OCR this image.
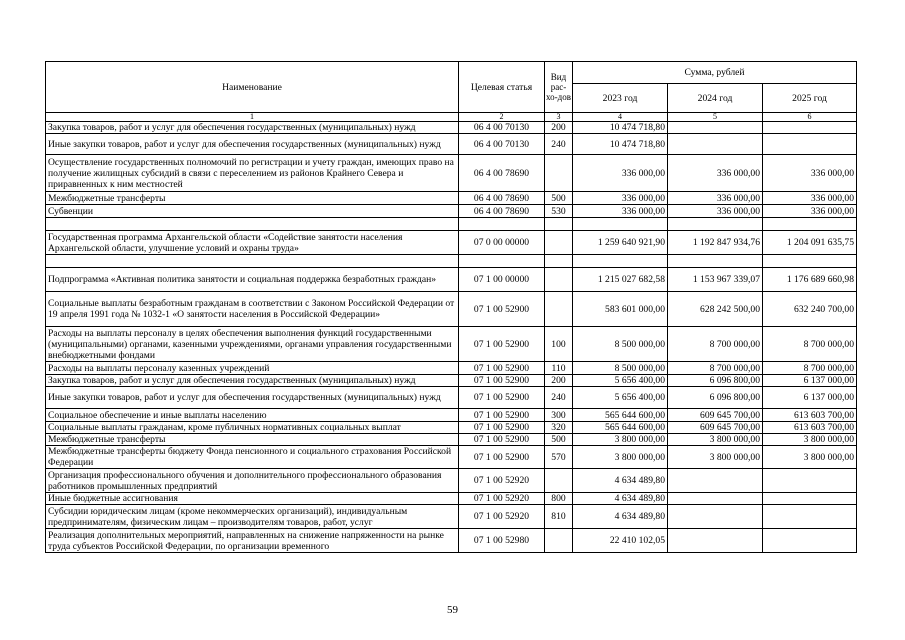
Наименование	Целевая статья	Вид рас-хо-дов	Сумма, рублей		
			2023 год	2024 год	2025 год
1	2	3	4	5	6
Закупка товаров, работ и услуг для обеспечения государственных (муниципальных) нужд	06 4 00 70130	200	10 474 718,80		
Иные закупки товаров, работ и услуг для обеспечения государственных (муниципальных) нужд	06 4 00 70130	240	10 474 718,80		
Осуществление государственных полномочий по регистрации и учету граждан, имеющих право на получение жилищных субсидий в связи с переселением из районов Крайнего Севера и приравненных к ним местностей	06 4 00 78690		336 000,00	336 000,00	336 000,00
Межбюджетные трансферты	06 4 00 78690	500	336 000,00	336 000,00	336 000,00
Субвенции	06 4 00 78690	530	336 000,00	336 000,00	336 000,00

Государственная программа Архангельской области «Содействие занятости населения Архангельской области, улучшение условий и охраны труда»	07 0 00 00000		1 259 640 921,90	1 192 847 934,76	1 204 091 635,75

Подпрограмма «Активная политика занятости и социальная поддержка безработных граждан»	07 1 00 00000		1 215 027 682,58	1 153 967 339,07	1 176 689 660,98
Социальные выплаты безработным гражданам в соответствии с Законом Российской Федерации от 19 апреля 1991 года № 1032-1 «О занятости населения в Российской Федерации»	07 1 00 52900		583 601 000,00	628 242 500,00	632 240 700,00
Расходы на выплаты персоналу в целях обеспечения выполнения функций государственными (муниципальными) органами, казенными учреждениями, органами управления государственными внебюджетными фондами	07 1 00 52900	100	8 500 000,00	8 700 000,00	8 700 000,00
Расходы на выплаты персоналу казенных учреждений	07 1 00 52900	110	8 500 000,00	8 700 000,00	8 700 000,00
Закупка товаров, работ и услуг для обеспечения государственных (муниципальных) нужд	07 1 00 52900	200	5 656 400,00	6 096 800,00	6 137 000,00
Иные закупки товаров, работ и услуг для обеспечения государственных (муниципальных) нужд	07 1 00 52900	240	5 656 400,00	6 096 800,00	6 137 000,00
Социальное обеспечение и иные выплаты населению	07 1 00 52900	300	565 644 600,00	609 645 700,00	613 603 700,00
Социальные выплаты гражданам, кроме публичных нормативных социальных выплат	07 1 00 52900	320	565 644 600,00	609 645 700,00	613 603 700,00
Межбюджетные трансферты	07 1 00 52900	500	3 800 000,00	3 800 000,00	3 800 000,00
Межбюджетные трансферты бюджету Фонда пенсионного и социального страхования Российской Федерации	07 1 00 52900	570	3 800 000,00	3 800 000,00	3 800 000,00
Организация профессионального обучения и дополнительного профессионального образования работников промышленных предприятий	07 1 00 52920		4 634 489,80		
Иные бюджетные ассигнования	07 1 00 52920	800	4 634 489,80		
Субсидии юридическим лицам (кроме некоммерческих организаций), индивидуальным предпринимателям, физическим лицам – производителям товаров, работ, услуг	07 1 00 52920	810	4 634 489,80		
Реализация дополнительных мероприятий, направленных на снижение напряженности на рынке труда субъектов Российской Федерации, по организации временного	07 1 00 52980		22 410 102,05		
59
